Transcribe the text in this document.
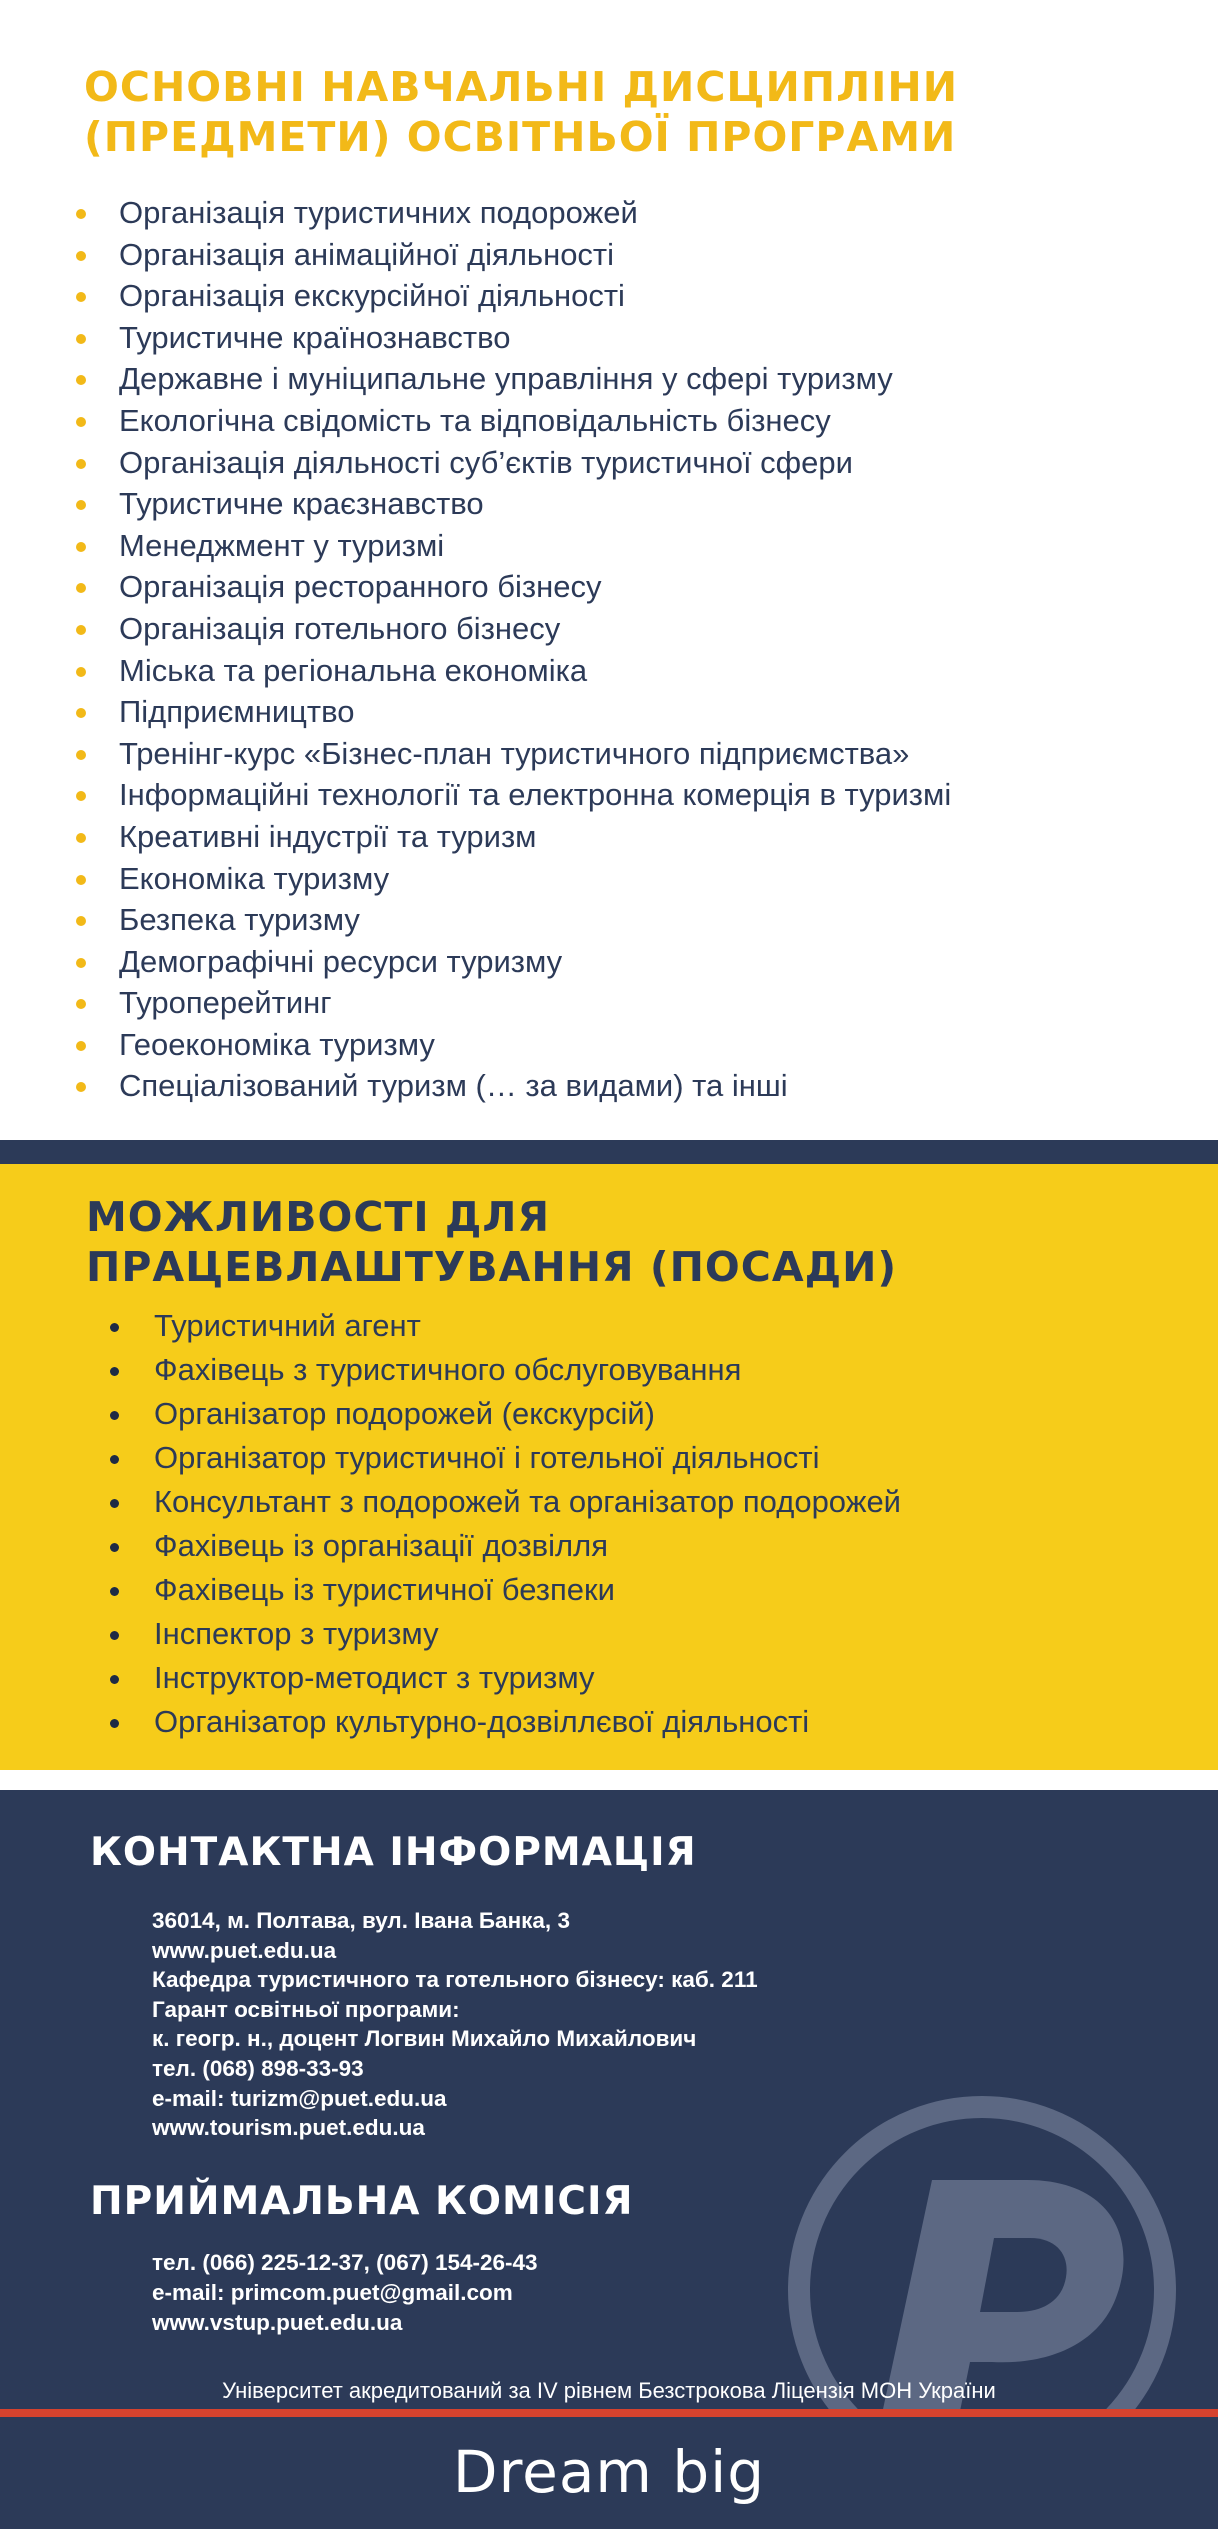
ОСНОВНІ НАВЧАЛЬНІ ДИСЦИПЛІНИ
(ПРЕДМЕТИ) ОСВІТНЬОЇ ПРОГРАМИ
Організація туристичних подорожей
Організація анімаційної діяльності
Організація екскурсійної діяльності
Туристичне країнознавство
Державне і муніципальне управління у сфері туризму
Екологічна свідомість та відповідальність бізнесу
Організація діяльності суб’єктів туристичної сфери
Туристичне краєзнавство
Менеджмент у туризмі
Організація ресторанного бізнесу
Організація готельного бізнесу
Міська та регіональна економіка
Підприємництво
Тренінг-курс «Бізнес-план туристичного підприємства»
Інформаційні технології та електронна комерція в туризмі
Креативні індустрії та туризм
Економіка туризму
Безпека туризму
Демографічні ресурси туризму
Туроперейтинг
Геоекономіка туризму
Спеціалізований туризм (… за видами) та інші
МОЖЛИВОСТІ ДЛЯ
ПРАЦЕВЛАШТУВАННЯ (ПОСАДИ)
Туристичний агент
Фахівець з туристичного обслуговування
Організатор подорожей (екскурсій)
Організатор туристичної і готельної діяльності
Консультант з подорожей та організатор подорожей
Фахівець із організації дозвілля
Фахівець із туристичної безпеки
Інспектор з туризму
Інструктор-методист з туризму
Організатор культурно-дозвіллєвої діяльності
КОНТАКТНА ІНФОРМАЦІЯ
36014, м. Полтава, вул. Івана Банка, 3
www.puet.edu.ua
Кафедра туристичного та готельного бізнесу: каб. 211
Гарант освітньої програми:
к. геогр. н., доцент Логвин Михайло Михайлович
тел. (068) 898-33-93
e-mail: turizm@puet.edu.ua
www.tourism.puet.edu.ua
ПРИЙМАЛЬНА КОМІСІЯ
тел. (066) 225-12-37, (067) 154-26-43
e-mail: primcom.puet@gmail.com
www.vstup.puet.edu.ua
Університет акредитований за IV рівнем Безстрокова Ліцензія МОН України
Dream big
